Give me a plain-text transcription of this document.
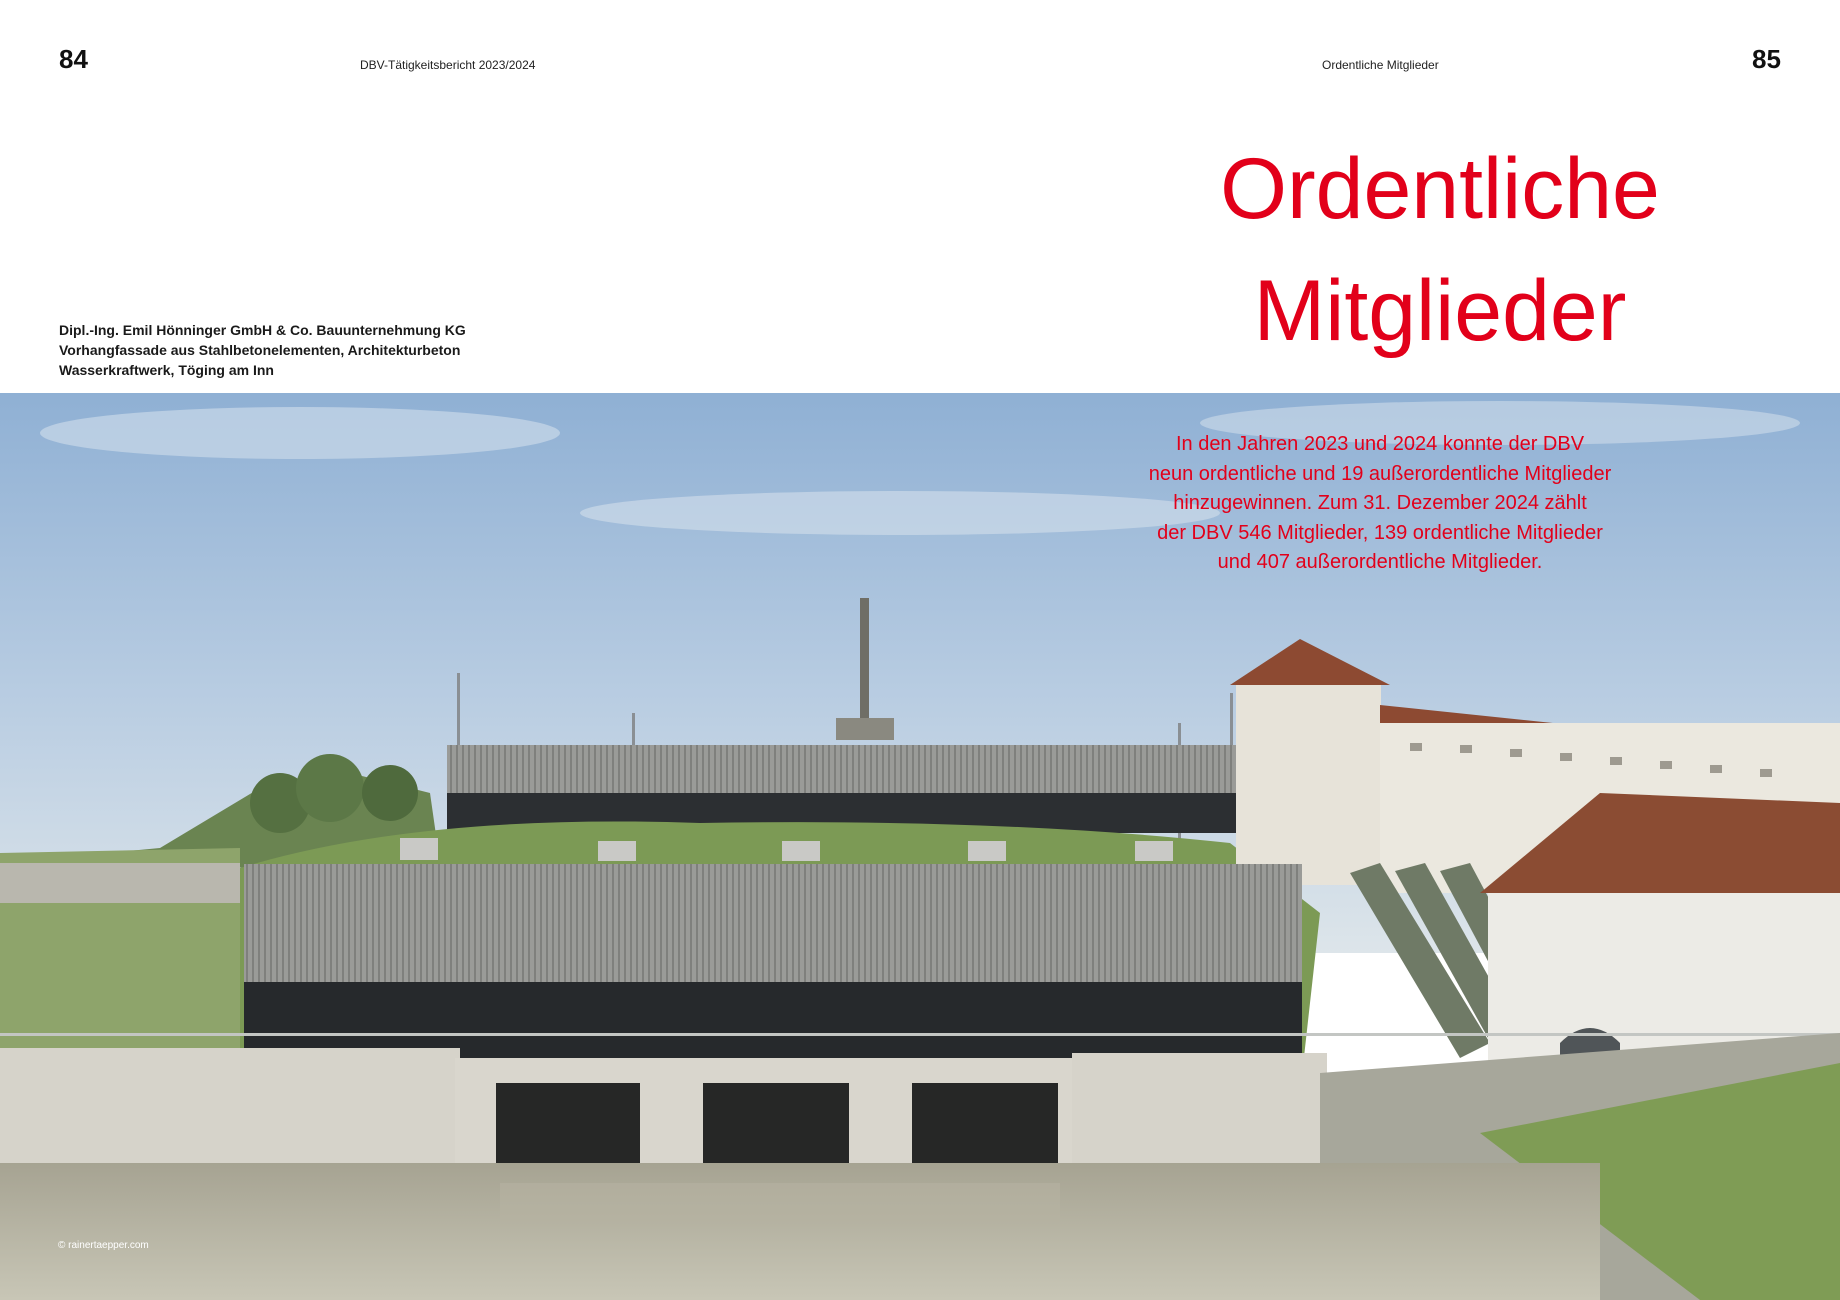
84	DBV-Tätigkeitsbericht 2023/2024	Ordentliche Mitglieder	85
Ordentliche
Mitglieder
Dipl.-Ing. Emil Hönninger GmbH & Co. Bauunternehmung KG
Vorhangfassade aus Stahlbetonelementen, Architekturbeton
Wasserkraftwerk, Töging am Inn
In den Jahren 2023 und 2024 konnte der DBV
neun ordentliche und 19 außerordentliche Mitglieder
hinzugewinnen. Zum 31. Dezember 2024 zählt
der DBV 546 Mitglieder, 139 ordentliche Mitglieder
und 407 außerordentliche Mitglieder.
© rainertaepper.com
